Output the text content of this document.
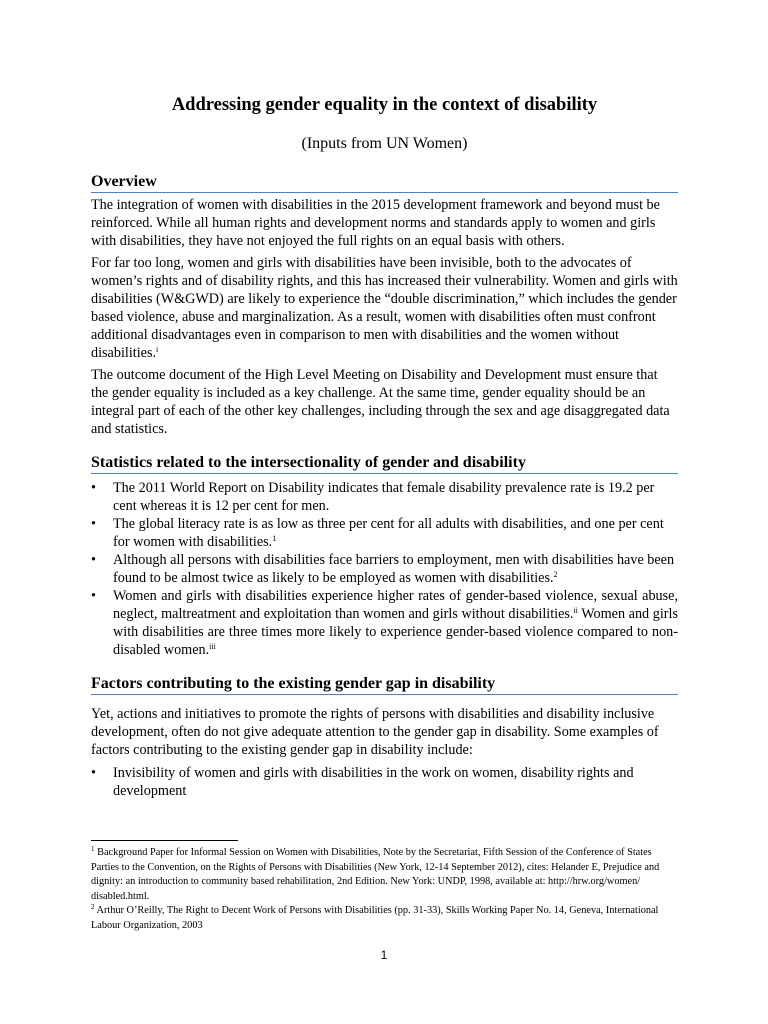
Addressing gender equality in the context of disability
(Inputs from UN Women)
Overview

The integration of women with disabilities in the 2015 development framework and beyond must be reinforced. While all human rights and development norms and standards apply to women and girls with disabilities, they have not enjoyed the full rights on an equal basis with others.

For far too long, women and girls with disabilities have been invisible, both to the advocates of women’s rights and of disability rights, and this has increased their vulnerability. Women and girls with disabilities (W&GWD) are likely to experience the “double discrimination,” which includes the gender based violence, abuse and marginalization. As a result, women with disabilities often must confront additional disadvantages even in comparison to men with disabilities and the women without disabilities.$^i$

The outcome document of the High Level Meeting on Disability and Development must ensure that the gender equality is included as a key challenge. At the same time, gender equality should be an integral part of each of the other key challenges, including through the sex and age disaggregated data and statistics.

Statistics related to the intersectionality of gender and disability
•	The 2011 World Report on Disability indicates that female disability prevalence rate is 19.2 per cent whereas it is 12 per cent for men.
•	The global literacy rate is as low as three per cent for all adults with disabilities, and one per cent for women with disabilities.$^1$
•	Although all persons with disabilities face barriers to employment, men with disabilities have been found to be almost twice as likely to be employed as women with disabilities.$^2$
•	Women and girls with disabilities experience higher rates of gender-based violence, sexual abuse, neglect, maltreatment and exploitation than women and girls without disabilities.$^{ii}$ Women and girls with disabilities are three times more likely to experience gender-based violence compared to non-disabled women.$^{iii}$
Factors contributing to the existing gender gap in disability

Yet, actions and initiatives to promote the rights of persons with disabilities and disability inclusive development, often do not give adequate attention to the gender gap in disability. Some examples of factors contributing to the existing gender gap in disability include:

•	Invisibility of women and girls with disabilities in the work on women, disability rights and development

$^1$ Background Paper for Informal Session on Women with Disabilities, Note by the Secretariat, Fifth Session of the Conference of States Parties to the Convention, on the Rights of Persons with Disabilities (New York, 12-14 September 2012), cites: Helander E, Prejudice and dignity: an introduction to community based rehabilitation, 2nd Edition. New York: UNDP, 1998, available at: http://hrw.org/women/ disabled.html.

$^2$ Arthur O’Reilly, The Right to Decent Work of Persons with Disabilities (pp. 31-33), Skills Working Paper No. 14, Geneva, International Labour Organization, 2003

1
